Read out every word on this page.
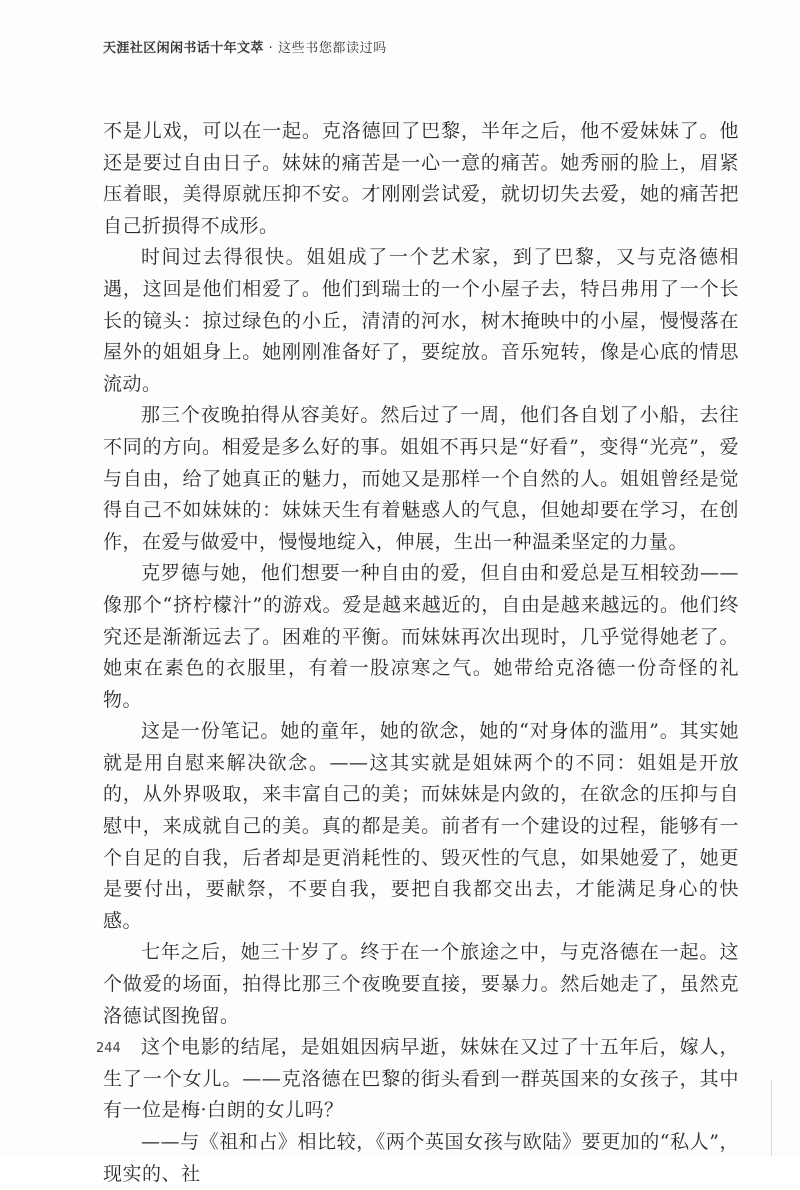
天涯社区闲闲书话十年文萃 · 这些书您都读过吗

不是儿戏，可以在一起。克洛德回了巴黎，半年之后，他不爱妹妹了。他还是要过自由日子。妹妹的痛苦是一心一意的痛苦。她秀丽的脸上，眉紧压着眼，美得原就压抑不安。才刚刚尝试爱，就切切失去爱，她的痛苦把自己折损得不成形。

时间过去得很快。姐姐成了一个艺术家，到了巴黎，又与克洛德相遇，这回是他们相爱了。他们到瑞士的一个小屋子去，特吕弗用了一个长长的镜头：掠过绿色的小丘，清清的河水，树木掩映中的小屋，慢慢落在屋外的姐姐身上。她刚刚准备好了，要绽放。音乐宛转，像是心底的情思流动。

那三个夜晚拍得从容美好。然后过了一周，他们各自划了小船，去往不同的方向。相爱是多么好的事。姐姐不再只是“好看”，变得“光亮”，爱与自由，给了她真正的魅力，而她又是那样一个自然的人。姐姐曾经是觉得自己不如妹妹的：妹妹天生有着魅惑人的气息，但她却要在学习，在创作，在爱与做爱中，慢慢地绽入，伸展，生出一种温柔坚定的力量。

克罗德与她，他们想要一种自由的爱，但自由和爱总是互相较劲——像那个“挤柠檬汁”的游戏。爱是越来越近的，自由是越来越远的。他们终究还是渐渐远去了。困难的平衡。而妹妹再次出现时，几乎觉得她老了。她束在素色的衣服里，有着一股凉寒之气。她带给克洛德一份奇怪的礼物。

这是一份笔记。她的童年，她的欲念，她的“对身体的滥用”。其实她就是用自慰来解决欲念。——这其实就是姐妹两个的不同：姐姐是开放的，从外界吸取，来丰富自己的美；而妹妹是内敛的，在欲念的压抑与自慰中，来成就自己的美。真的都是美。前者有一个建设的过程，能够有一个自足的自我，后者却是更消耗性的、毁灭性的气息，如果她爱了，她更是要付出，要献祭，不要自我，要把自我都交出去，才能满足身心的快感。

七年之后，她三十岁了。终于在一个旅途之中，与克洛德在一起。这个做爱的场面，拍得比那三个夜晚要直接，要暴力。然后她走了，虽然克洛德试图挽留。

这个电影的结尾，是姐姐因病早逝，妹妹在又过了十五年后，嫁人，生了一个女儿。——克洛德在巴黎的街头看到一群英国来的女孩子，其中有一位是梅·白朗的女儿吗？

——与《祖和占》相比较，《两个英国女孩与欧陆》要更加的“私人”，现实的、社

244
